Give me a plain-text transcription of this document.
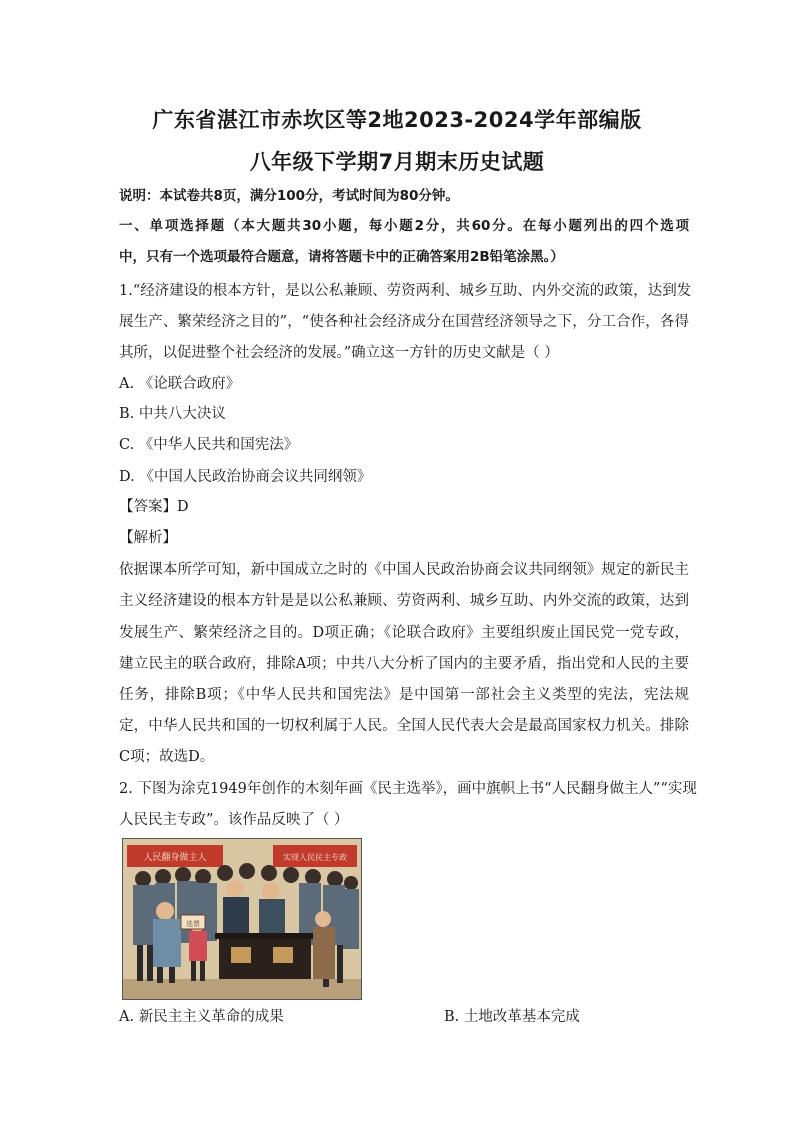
广东省湛江市赤坎区等2地2023-2024学年部编版
八年级下学期7月期末历史试题
说明：本试卷共8页，满分100分，考试时间为80分钟。
一、单项选择题（本大题共30小题，每小题2分，共60分。在每小题列出的四个选项
中，只有一个选项最符合题意，请将答题卡中的正确答案用2B铅笔涂黑。）
1.“经济建设的根本方针，是以公私兼顾、劳资两利、城乡互助、内外交流的政策，达到发
展生产、繁荣经济之目的”，“使各种社会经济成分在国营经济领导之下，分工合作，各得
其所，以促进整个社会经济的发展。”确立这一方针的历史文献是（ ）
A. 《论联合政府》
B. 中共八大决议
C. 《中华人民共和国宪法》
D. 《中国人民政治协商会议共同纲领》
【答案】D
【解析】
依据课本所学可知，新中国成立之时的《中国人民政治协商会议共同纲领》规定的新民主
主义经济建设的根本方针是是以公私兼顾、劳资两利、城乡互助、内外交流的政策，达到
发展生产、繁荣经济之目的。D项正确；《论联合政府》主要组织废止国民党一党专政，
建立民主的联合政府，排除A项；中共八大分析了国内的主要矛盾，指出党和人民的主要
任务，排除B项；《中华人民共和国宪法》是中国第一部社会主义类型的宪法，宪法规
定，中华人民共和国的一切权利属于人民。全国人民代表大会是最高国家权力机关。排除
C项；故选D。
2. 下图为涂克1949年创作的木刻年画《民主选举》，画中旗帜上书“人民翻身做主人”“实现
人民民主专政”。该作品反映了（ ）
人民翻身做主人	实现人民民主专政
选票
A. 新民主主义革命的成果	B. 土地改革基本完成
